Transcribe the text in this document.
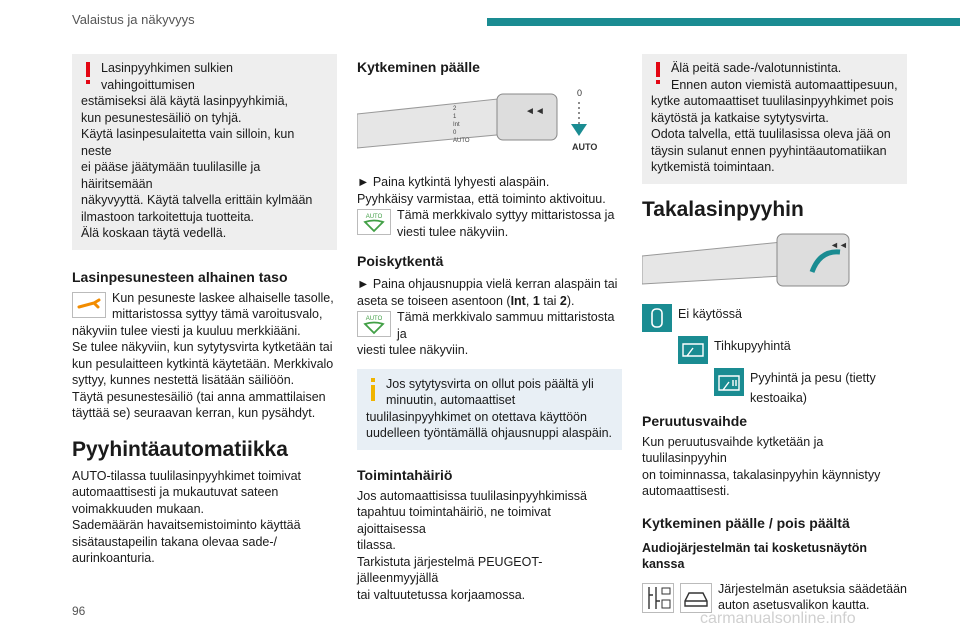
Valaistus ja näkyvyys
Lasinpyyhkimen sulkien vahingoittumisen
estämiseksi älä käytä lasinpyyhkimiä,
kun pesunestesäiliö on tyhjä.
Käytä lasinpesulaitetta vain silloin, kun neste
ei pääse jäätymään tuulilasille ja häiritsemään
näkyvyyttä. Käytä talvella erittäin kylmään
ilmastoon tarkoitettuja tuotteita.
Älä koskaan täytä vedellä.
Lasinpesunesteen alhainen taso
Kun pesuneste laskee alhaiselle tasolle,
mittaristossa syttyy tämä varoitusvalo,
näkyviin tulee viesti ja kuuluu merkkiääni.
Se tulee näkyviin, kun sytytysvirta kytketään tai
kun pesulaitteen kytkintä käytetään. Merkkivalo
syttyy, kunnes nestettä lisätään säiliöön.
Täytä pesunestesäiliö (tai anna ammattilaisen
täyttää se) seuraavan kerran, kun pysähdyt.
Pyyhintäautomatiikka
AUTO-tilassa tuulilasinpyyhkimet toimivat
automaattisesti ja mukautuvat sateen
voimakkuuden mukaan.
Sademäärän havaitsemistoiminto käyttää
sisätaustapeilin takana olevaa sade-/
aurinkoanturia.
Kytkeminen päälle
2
1
Int
0
AUTO
0
AUTO
◄◄

► Paina kytkintä lyhyesti alaspäin.

Pyyhkäisy varmistaa, että toiminto aktivoituu.

AUTO Tämä merkkivalo syttyy mittaristossa ja
viesti tulee näkyviin.
Poiskytkentä

► Paina ohjausnuppia vielä kerran alaspäin tai
aseta se toiseen asentoon (Int, 1 tai 2).

AUTO Tämä merkkivalo sammuu mittaristosta ja
viesti tulee näkyviin.
Jos sytytysvirta on ollut pois päältä yli
minuutin, automaattiset
tuulilasinpyyhkimet on otettava käyttöön
uudelleen työntämällä ohjausnuppi alaspäin.
Toimintahäiriö
Jos automaattisissa tuulilasinpyyhkimissä
tapahtuu toimintahäiriö, ne toimivat ajoittaisessa
tilassa.
Tarkistuta järjestelmä PEUGEOT-jälleenmyyjällä
tai valtuutetussa korjaamossa.
Älä peitä sade-/valotunnistinta.
Ennen auton viemistä automaattipesuun,
kytke automaattiset tuulilasinpyyhkimet pois
käytöstä ja katkaise sytytysvirta.
Odota talvella, että tuulilasissa oleva jää on
täysin sulanut ennen pyyhintäautomatiikan
kytkemistä toimintaan.
Takalasinpyyhin
◄◄
Ei käytössä
Tihkupyyhintä
Pyyhintä ja pesu (tietty kestoaika)
Peruutusvaihde
Kun peruutusvaihde kytketään ja tuulilasinpyyhin
on toiminnassa, takalasinpyyhin käynnistyy
automaattisesti.
Kytkeminen päälle / pois päältä
Audiojärjestelmän tai kosketusnäytön
kanssa
Järjestelmän asetuksia säädetään
auton asetusvalikon kautta.
96	carmanualsonline.info
